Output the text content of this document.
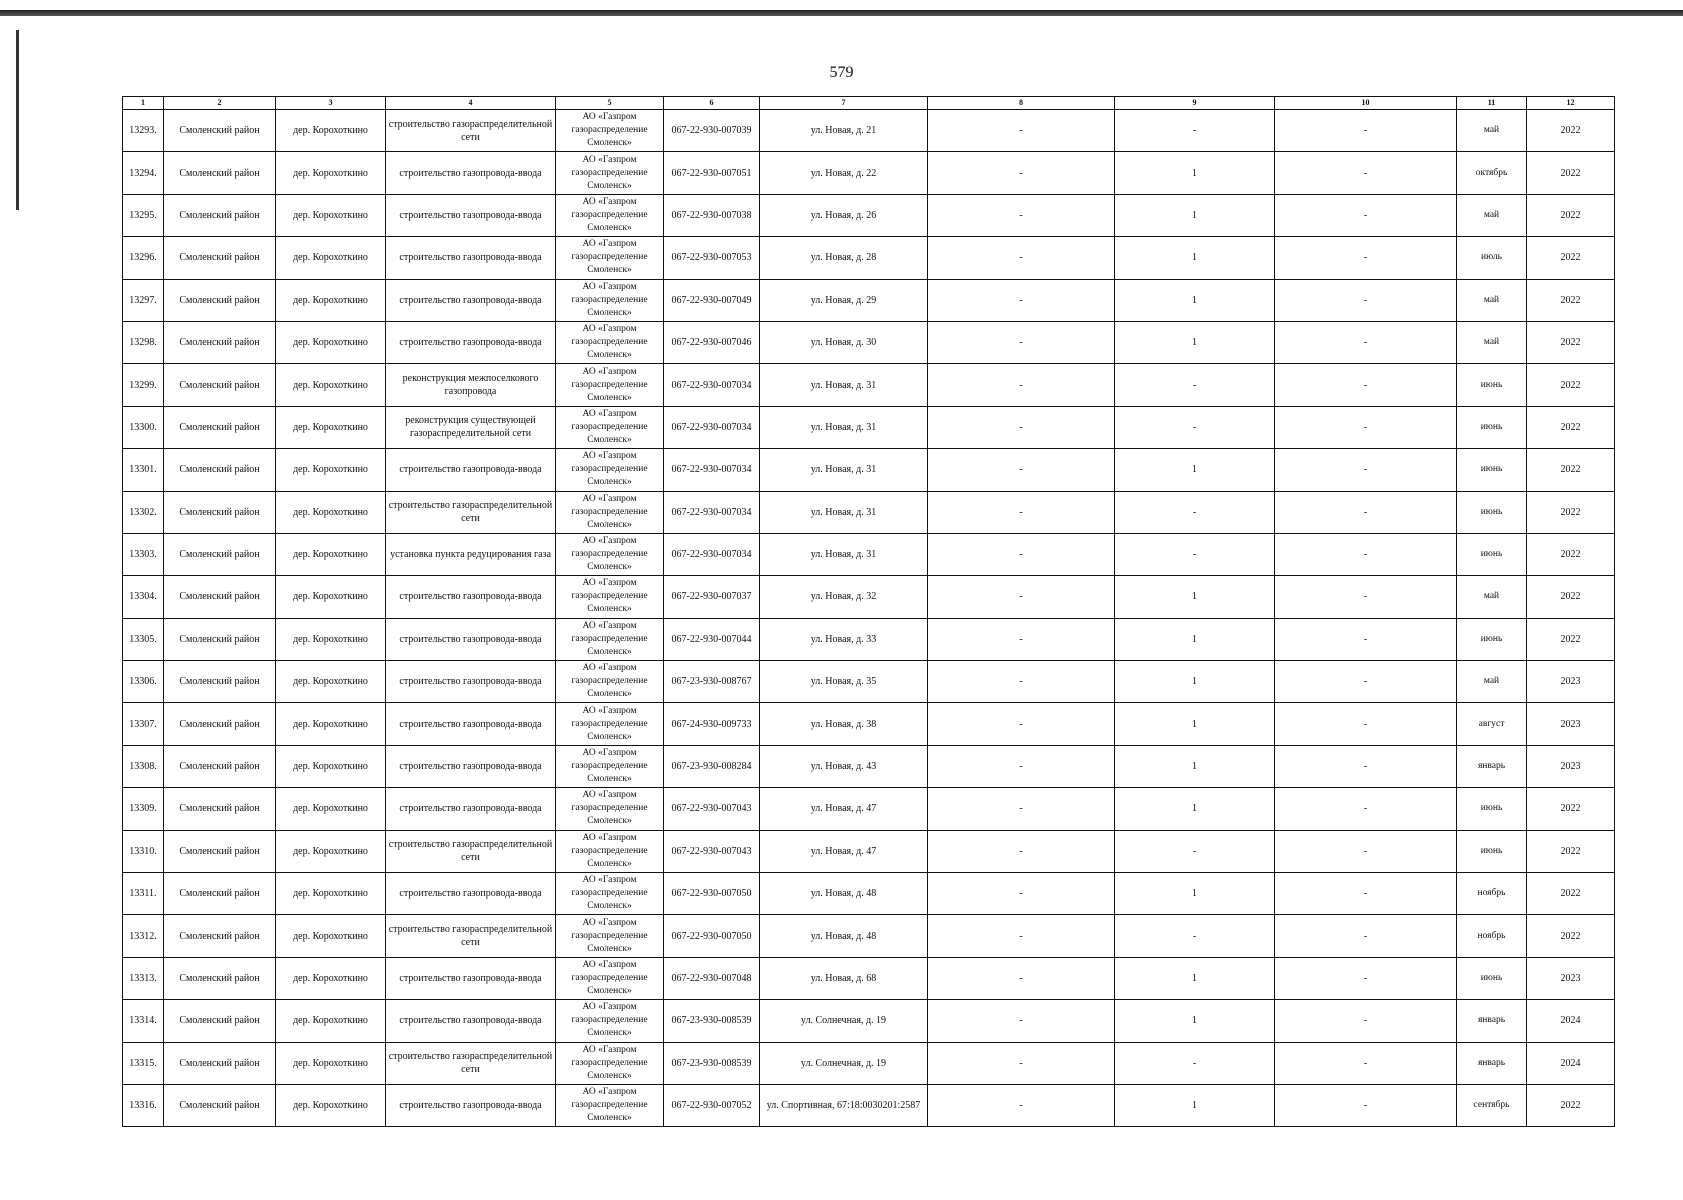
579
1	2	3	4	5	6	7	8	9	10	11	12
13293.	Смоленский район	дер. Корохоткино	строительство газораспределительной сети	АО «Газпром газораспределение Смоленск»	067-22-930-007039	ул. Новая, д. 21	-	-	-	май	2022
13294.	Смоленский район	дер. Корохоткино	строительство газопровода-ввода	АО «Газпром газораспределение Смоленск»	067-22-930-007051	ул. Новая, д. 22	-	1	-	октябрь	2022
13295.	Смоленский район	дер. Корохоткино	строительство газопровода-ввода	АО «Газпром газораспределение Смоленск»	067-22-930-007038	ул. Новая, д. 26	-	1	-	май	2022
13296.	Смоленский район	дер. Корохоткино	строительство газопровода-ввода	АО «Газпром газораспределение Смоленск»	067-22-930-007053	ул. Новая, д. 28	-	1	-	июль	2022
13297.	Смоленский район	дер. Корохоткино	строительство газопровода-ввода	АО «Газпром газораспределение Смоленск»	067-22-930-007049	ул. Новая, д. 29	-	1	-	май	2022
13298.	Смоленский район	дер. Корохоткино	строительство газопровода-ввода	АО «Газпром газораспределение Смоленск»	067-22-930-007046	ул. Новая, д. 30	-	1	-	май	2022
13299.	Смоленский район	дер. Корохоткино	реконструкция межпоселкового газопровода	АО «Газпром газораспределение Смоленск»	067-22-930-007034	ул. Новая, д. 31	-	-	-	июнь	2022
13300.	Смоленский район	дер. Корохоткино	реконструкция существующей газораспределительной сети	АО «Газпром газораспределение Смоленск»	067-22-930-007034	ул. Новая, д. 31	-	-	-	июнь	2022
13301.	Смоленский район	дер. Корохоткино	строительство газопровода-ввода	АО «Газпром газораспределение Смоленск»	067-22-930-007034	ул. Новая, д. 31	-	1	-	июнь	2022
13302.	Смоленский район	дер. Корохоткино	строительство газораспределительной сети	АО «Газпром газораспределение Смоленск»	067-22-930-007034	ул. Новая, д. 31	-	-	-	июнь	2022
13303.	Смоленский район	дер. Корохоткино	установка пункта редуцирования газа	АО «Газпром газораспределение Смоленск»	067-22-930-007034	ул. Новая, д. 31	-	-	-	июнь	2022
13304.	Смоленский район	дер. Корохоткино	строительство газопровода-ввода	АО «Газпром газораспределение Смоленск»	067-22-930-007037	ул. Новая, д. 32	-	1	-	май	2022
13305.	Смоленский район	дер. Корохоткино	строительство газопровода-ввода	АО «Газпром газораспределение Смоленск»	067-22-930-007044	ул. Новая, д. 33	-	1	-	июнь	2022
13306.	Смоленский район	дер. Корохоткино	строительство газопровода-ввода	АО «Газпром газораспределение Смоленск»	067-23-930-008767	ул. Новая, д. 35	-	1	-	май	2023
13307.	Смоленский район	дер. Корохоткино	строительство газопровода-ввода	АО «Газпром газораспределение Смоленск»	067-24-930-009733	ул. Новая, д. 38	-	1	-	август	2023
13308.	Смоленский район	дер. Корохоткино	строительство газопровода-ввода	АО «Газпром газораспределение Смоленск»	067-23-930-008284	ул. Новая, д. 43	-	1	-	январь	2023
13309.	Смоленский район	дер. Корохоткино	строительство газопровода-ввода	АО «Газпром газораспределение Смоленск»	067-22-930-007043	ул. Новая, д. 47	-	1	-	июнь	2022
13310.	Смоленский район	дер. Корохоткино	строительство газораспределительной сети	АО «Газпром газораспределение Смоленск»	067-22-930-007043	ул. Новая, д. 47	-	-	-	июнь	2022
13311.	Смоленский район	дер. Корохоткино	строительство газопровода-ввода	АО «Газпром газораспределение Смоленск»	067-22-930-007050	ул. Новая, д. 48	-	1	-	ноябрь	2022
13312.	Смоленский район	дер. Корохоткино	строительство газораспределительной сети	АО «Газпром газораспределение Смоленск»	067-22-930-007050	ул. Новая, д. 48	-	-	-	ноябрь	2022
13313.	Смоленский район	дер. Корохоткино	строительство газопровода-ввода	АО «Газпром газораспределение Смоленск»	067-22-930-007048	ул. Новая, д. 68	-	1	-	июнь	2023
13314.	Смоленский район	дер. Корохоткино	строительство газопровода-ввода	АО «Газпром газораспределение Смоленск»	067-23-930-008539	ул. Солнечная, д. 19	-	1	-	январь	2024
13315.	Смоленский район	дер. Корохоткино	строительство газораспределительной сети	АО «Газпром газораспределение Смоленск»	067-23-930-008539	ул. Солнечная, д. 19	-	-	-	январь	2024
13316.	Смоленский район	дер. Корохоткино	строительство газопровода-ввода	АО «Газпром газораспределение Смоленск»	067-22-930-007052	ул. Спортивная, 67:18:0030201:2587	-	1	-	сентябрь	2022
